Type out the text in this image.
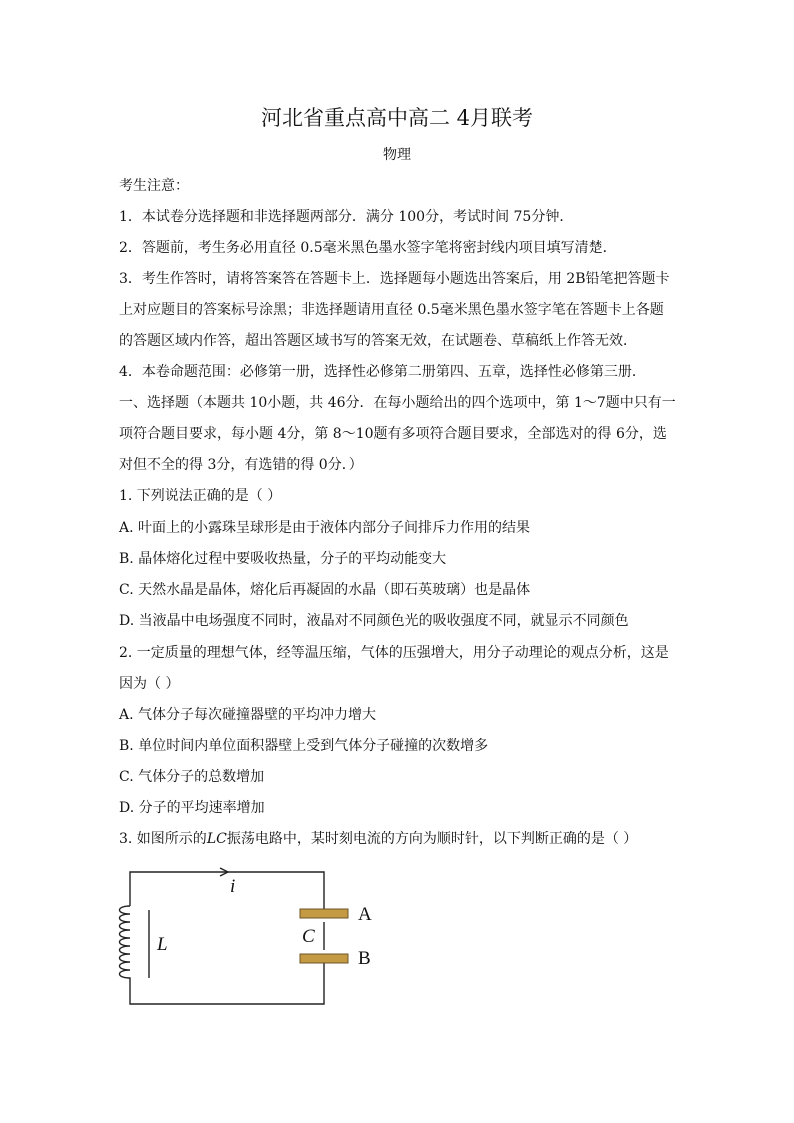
河北省重点高中高二 4月联考
物理
考生注意：
1．本试卷分选择题和非选择题两部分．满分 100分，考试时间 75分钟．
2．答题前，考生务必用直径 0.5毫米黑色墨水签字笔将密封线内项目填写清楚．
3．考生作答时，请将答案答在答题卡上．选择题每小题选出答案后，用 2B铅笔把答题卡
上对应题目的答案标号涂黑；非选择题请用直径 0.5毫米黑色墨水签字笔在答题卡上各题
的答题区域内作答，超出答题区域书写的答案无效，在试题卷、草稿纸上作答无效．
4．本卷命题范围：必修第一册，选择性必修第二册第四、五章，选择性必修第三册．
一、选择题（本题共 10小题，共 46分．在每小题给出的四个选项中，第 1～7题中只有一
项符合题目要求，每小题 4分，第 8～10题有多项符合题目要求，全部选对的得 6分，选
对但不全的得 3分，有选错的得 0分．）
1. 下列说法正确的是（ ）
A. 叶面上的小露珠呈球形是由于液体内部分子间排斥力作用的结果
B. 晶体熔化过程中要吸收热量，分子的平均动能变大
C. 天然水晶是晶体，熔化后再凝固的水晶（即石英玻璃）也是晶体
D. 当液晶中电场强度不同时，液晶对不同颜色光的吸收强度不同，就显示不同颜色
2. 一定质量的理想气体，经等温压缩，气体的压强增大，用分子动理论的观点分析，这是
因为（ ）
A. 气体分子每次碰撞器壁的平均冲力增大
B. 单位时间内单位面积器壁上受到气体分子碰撞的次数增多
C. 气体分子的总数增加
D. 分子的平均速率增加
3. 如图所示的LC振荡电路中，某时刻电流的方向为顺时针，以下判断正确的是（ ）
i
L	C
A
B
